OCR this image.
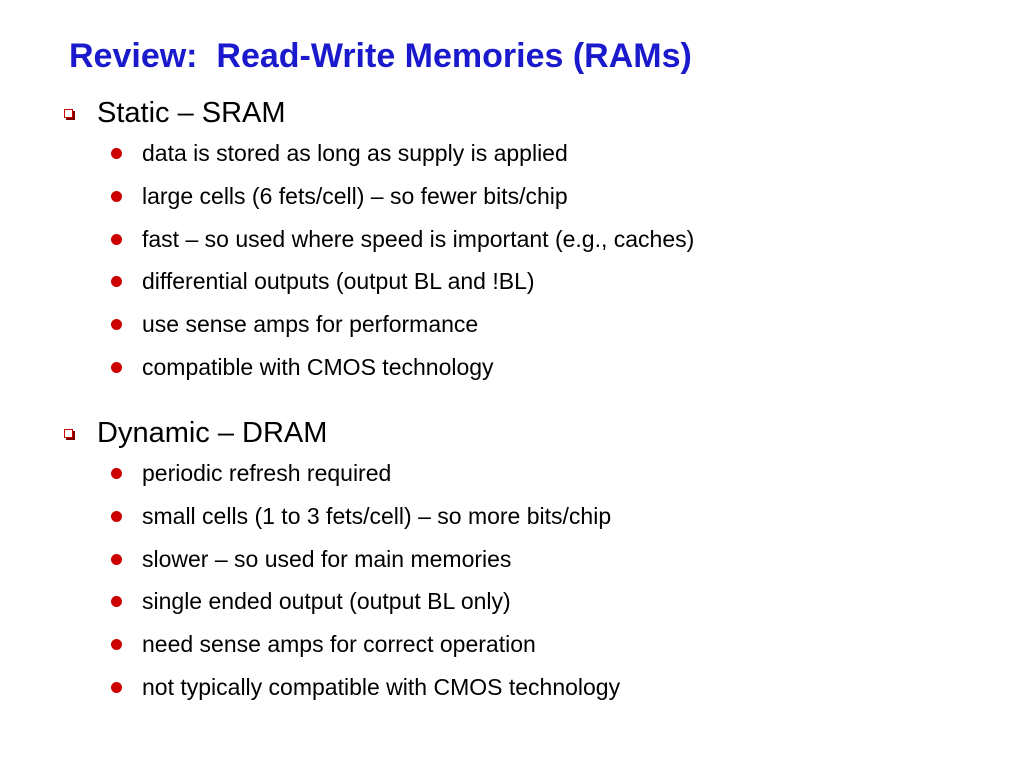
Review:  Read-Write Memories (RAMs)
Static – SRAM
data is stored as long as supply is applied
large cells (6 fets/cell) – so fewer bits/chip
fast – so used where speed is important (e.g., caches)
differential outputs (output BL and !BL)
use sense amps for performance
compatible with CMOS technology
Dynamic – DRAM
periodic refresh required
small cells (1 to 3 fets/cell) – so more bits/chip
slower – so used for main memories
single ended output (output BL only)
need sense amps for correct operation
not typically compatible with CMOS technology
